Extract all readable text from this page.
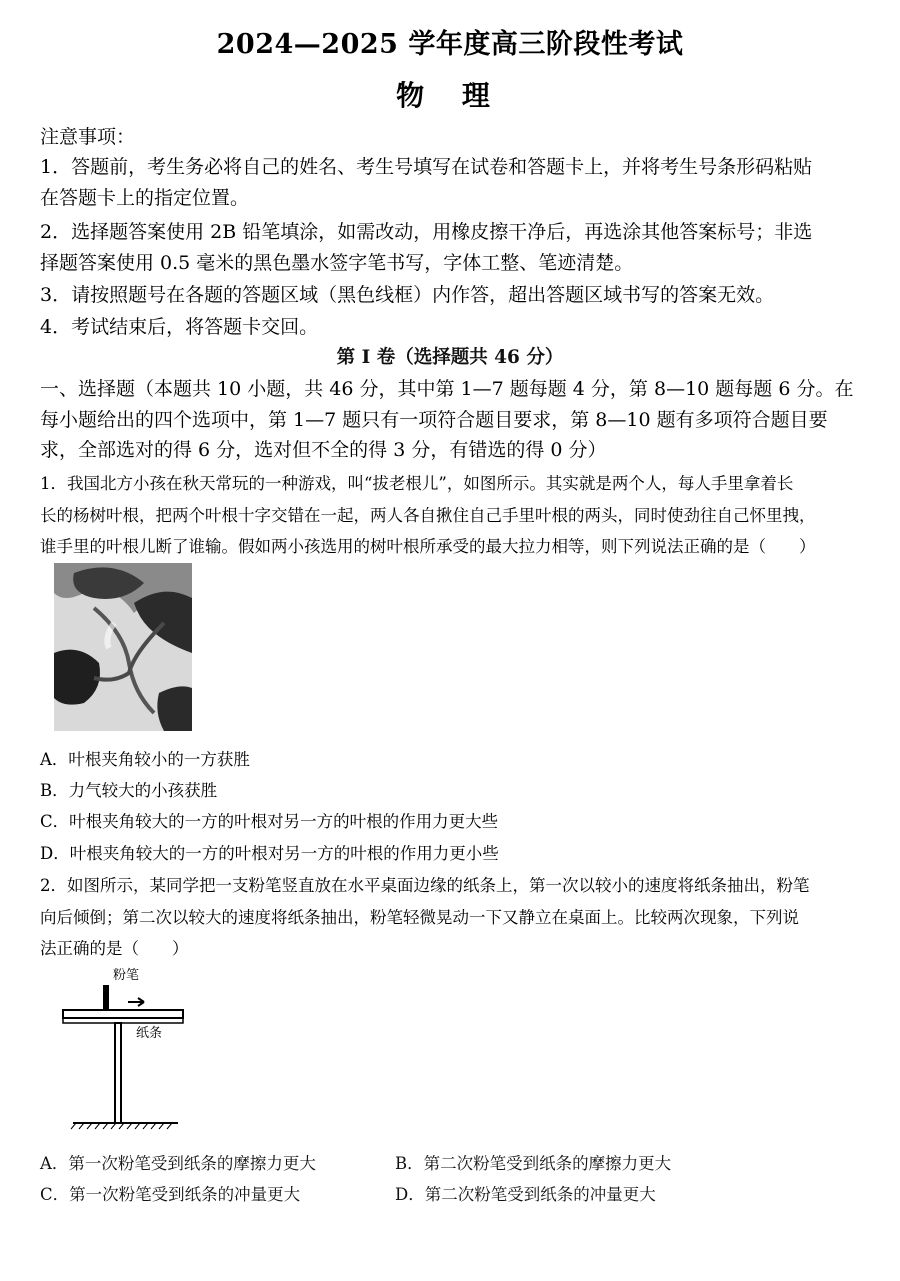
2024—2025 学年度高三阶段性考试
物 理
注意事项：
1．答题前，考生务必将自己的姓名、考生号填写在试卷和答题卡上，并将考生号条形码粘贴
在答题卡上的指定位置。
2．选择题答案使用 2B 铅笔填涂，如需改动，用橡皮擦干净后，再选涂其他答案标号；非选
择题答案使用 0.5 毫米的黑色墨水签字笔书写，字体工整、笔迹清楚。
3．请按照题号在各题的答题区域（黑色线框）内作答，超出答题区域书写的答案无效。
4．考试结束后，将答题卡交回。
第 I 卷（选择题共 46 分）
一、选择题（本题共 10 小题，共 46 分，其中第 1—7 题每题 4 分，第 8—10 题每题 6 分。在
每小题给出的四个选项中，第 1—7 题只有一项符合题目要求，第 8—10 题有多项符合题目要
求，全部选对的得 6 分，选对但不全的得 3 分，有错选的得 0 分）
1．我国北方小孩在秋天常玩的一种游戏，叫“拔老根儿”，如图所示。其实就是两个人，每人手里拿着长
长的杨树叶根，把两个叶根十字交错在一起，两人各自揪住自己手里叶根的两头，同时使劲往自己怀里拽，
谁手里的叶根儿断了谁输。假如两小孩选用的树叶根所承受的最大拉力相等，则下列说法正确的是（　　）
A．叶根夹角较小的一方获胜
B．力气较大的小孩获胜
C．叶根夹角较大的一方的叶根对另一方的叶根的作用力更大些
D．叶根夹角较大的一方的叶根对另一方的叶根的作用力更小些
2．如图所示，某同学把一支粉笔竖直放在水平桌面边缘的纸条上，第一次以较小的速度将纸条抽出，粉笔
向后倾倒；第二次以较大的速度将纸条抽出，粉笔轻微晃动一下又静立在桌面上。比较两次现象，下列说
法正确的是（　　）
粉笔
纸条
A．第一次粉笔受到纸条的摩擦力更大	B．第二次粉笔受到纸条的摩擦力更大
C．第一次粉笔受到纸条的冲量更大	D．第二次粉笔受到纸条的冲量更大
